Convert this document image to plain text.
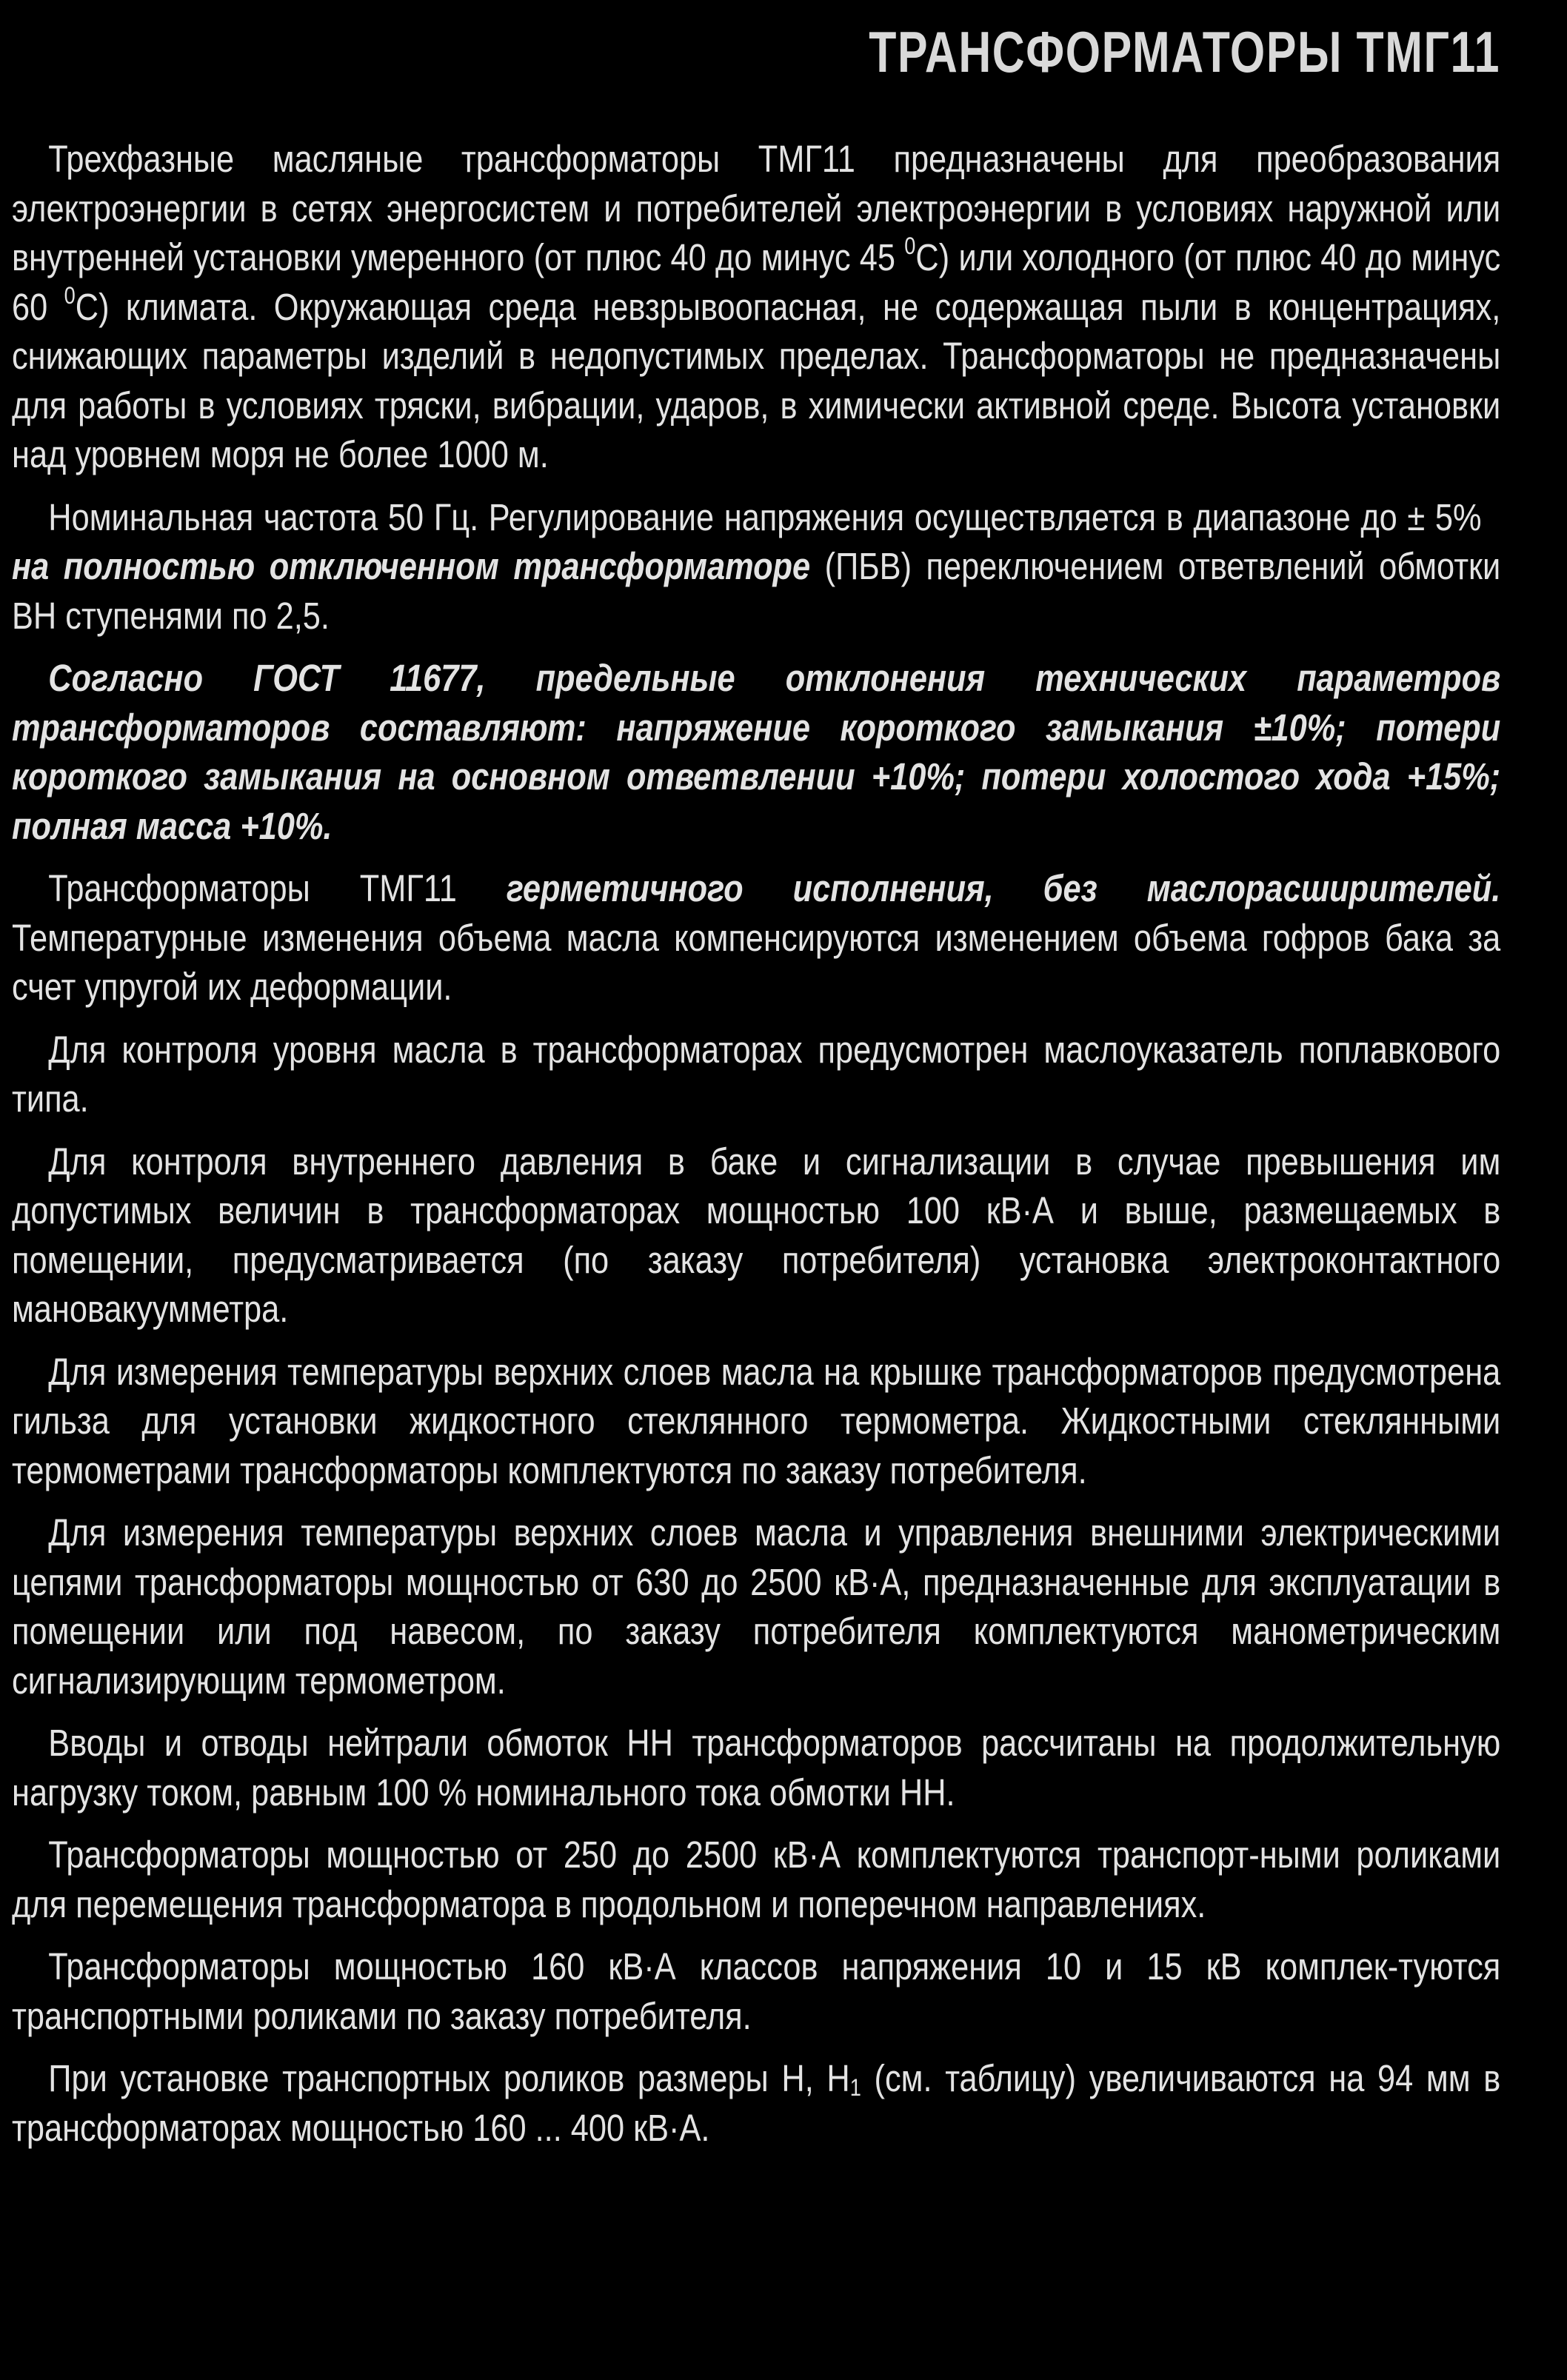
ТРАНСФОРМАТОРЫ ТМГ11

Трехфазные масляные трансформаторы ТМГ11 предназначены для преобразования электроэнергии в сетях энергосистем и потребителей электроэнергии в условиях наружной или внутренней установки умеренного (от плюс 40 до минус 45 $^0$С) или холодного (от плюс 40 до минус 60 $^0$С) климата. Окружающая среда невзрывоопасная, не содержащая пыли в концентрациях, снижающих параметры изделий в недопустимых пределах. Трансформаторы не предназначены для работы в условиях тряски, вибрации, ударов, в химически активной среде. Высота установки над уровнем моря не более 1000 м.

Номинальная частота 50 Гц. Регулирование напряжения осуществляется в диапазоне до ± 5%   на полностью отключенном трансформаторе (ПБВ) переключением ответвлений обмотки ВН ступенями по 2,5.

Согласно ГОСТ 11677, предельные отклонения технических параметров трансформаторов составляют: напряжение короткого замыкания ±10%; потери короткого замыкания на основном ответвлении +10%; потери холостого хода +15%; полная масса +10%.

Трансформаторы ТМГ11 герметичного исполнения, без маслорасширителей. Температурные изменения объема масла компенсируются изменением объема гофров бака за счет упругой их деформации.

Для контроля уровня масла в трансформаторах предусмотрен маслоуказатель поплавкового типа.

Для контроля внутреннего давления в баке и сигнализации в случае превышения им допустимых величин в трансформаторах мощностью 100 кВ·А и выше, размещаемых в помещении, предусматривается (по заказу потребителя) установка электроконтактного мановакуумметра.

Для измерения температуры верхних слоев масла на крышке трансформаторов предусмотрена гильза для установки жидкостного стеклянного термометра. Жидкостными стеклянными термометрами трансформаторы комплектуются по заказу потребителя.

Для измерения температуры верхних слоев масла и управления внешними электрическими цепями трансформаторы мощностью от 630 до 2500 кВ·А, предназначенные для эксплуатации в помещении или под навесом, по заказу потребителя комплектуются манометрическим сигнализирующим термометром.

Вводы и отводы нейтрали обмоток НН трансформаторов рассчитаны на продолжительную нагрузку током, равным 100 % номинального тока обмотки НН.

Трансформаторы мощностью от 250 до 2500 кВ·А комплектуются транспорт-ными роликами для перемещения трансформатора в продольном и поперечном направлениях.

Трансформаторы мощностью 160 кВ·А классов напряжения 10 и 15 кВ комплек-туются транспортными роликами по заказу потребителя.

При установке транспортных роликов размеры Н, $Н_1$ (см. таблицу) увеличиваются на 94 мм в трансформаторах мощностью 160 ... 400 кВ·А.
